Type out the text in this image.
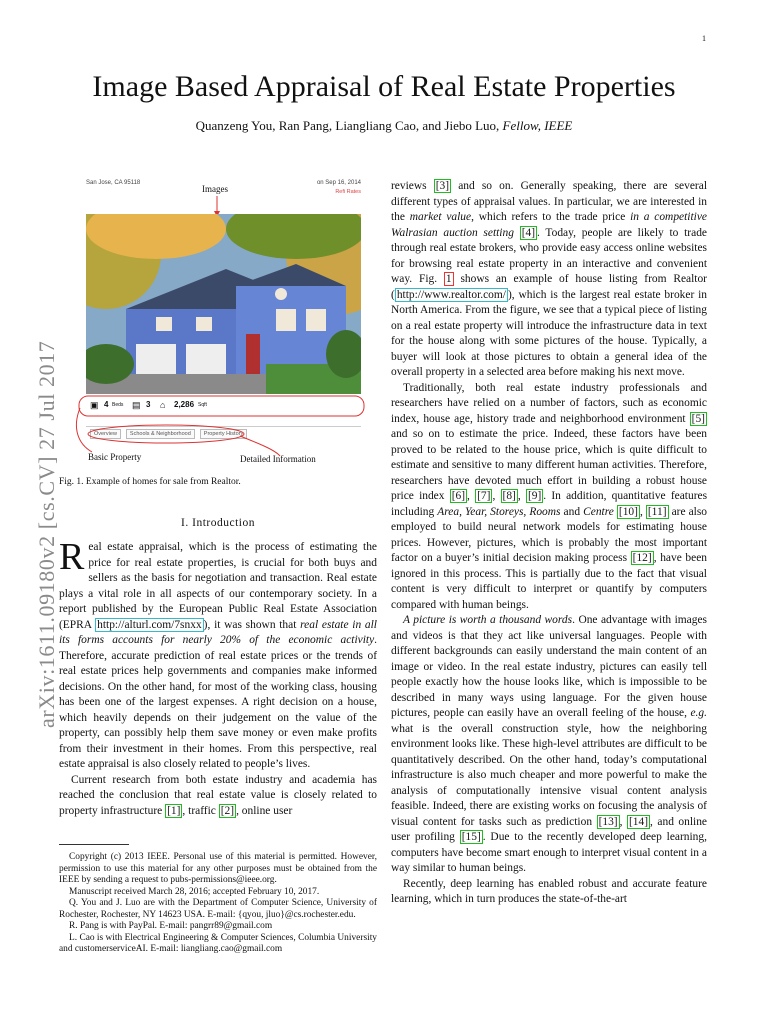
1
arXiv:1611.09180v2 [cs.CV] 27 Jul 2017
Image Based Appraisal of Real Estate Properties
Quanzeng You, Ran Pang, Liangliang Cao, and Jiebo Luo, Fellow, IEEE
San Jose, CA 95118	on Sep 16, 2014
Refi Rates
Images
▣ 4 Beds ▤ 3 ⌂ 2,286 Sqft
Overview Schools & Neighborhood Property History
Basic Property	Detailed Information
Fig. 1. Example of homes for sale from Realtor.
I. Introduction

Real estate appraisal, which is the process of estimating the price for real estate properties, is crucial for both buys and sellers as the basis for negotiation and transaction. Real estate plays a vital role in all aspects of our contemporary society. In a report published by the European Public Real Estate Association (EPRA http://alturl.com/7snxx ), it was shown that real estate in all its forms accounts for nearly 20% of the economic activity. Therefore, accurate prediction of real estate prices or the trends of real estate prices help governments and companies make informed decisions. On the other hand, for most of the working class, housing has been one of the largest expenses. A right decision on a house, which heavily depends on their judgement on the value of the property, can possibly help them save money or even make profits from their investment in their homes. From this perspective, real estate appraisal is also closely related to people’s lives.

Current research from both estate industry and academia has reached the conclusion that real estate value is closely related to property infrastructure [1] , traffic [2] , online user

Copyright (c) 2013 IEEE. Personal use of this material is permitted. However, permission to use this material for any other purposes must be obtained from the IEEE by sending a request to pubs-permissions@ieee.org.

Manuscript received March 28, 2016; accepted February 10, 2017.

Q. You and J. Luo are with the Department of Computer Science, University of Rochester, Rochester, NY 14623 USA. E-mail: {qyou, jluo}@cs.rochester.edu.

R. Pang is with PayPal. E-mail: pangrr89@gmail.com

L. Cao is with Electrical Engineering & Computer Sciences, Columbia University and customerserviceAI. E-mail: liangliang.cao@gmail.com

reviews [3] and so on. Generally speaking, there are several different types of appraisal values. In particular, we are interested in the market value, which refers to the trade price in a competitive Walrasian auction setting [4] . Today, people are likely to trade through real estate brokers, who provide easy access online websites for browsing real estate property in an interactive and convenient way. Fig. 1 shows an example of house listing from Realtor ( http://www.realtor.com/ ), which is the largest real estate broker in North America. From the figure, we see that a typical piece of listing on a real estate property will introduce the infrastructure data in text for the house along with some pictures of the house. Typically, a buyer will look at those pictures to obtain a general idea of the overall property in a selected area before making his next move.

Traditionally, both real estate industry professionals and researchers have relied on a number of factors, such as economic index, house age, history trade and neighborhood environment [5] and so on to estimate the price. Indeed, these factors have been proved to be related to the house price, which is quite difficult to estimate and sensitive to many different human activities. Therefore, researchers have devoted much effort in building a robust house price index [6] , [7] , [8] , [9] . In addition, quantitative features including Area, Year, Storeys, Rooms and Centre [10] , [11] are also employed to build neural network models for estimating house prices. However, pictures, which is probably the most important factor on a buyer’s initial decision making process [12] , have been ignored in this process. This is partially due to the fact that visual content is very difficult to interpret or quantify by computers compared with human beings.

A picture is worth a thousand words. One advantage with images and videos is that they act like universal languages. People with different backgrounds can easily understand the main content of an image or video. In the real estate industry, pictures can easily tell people exactly how the house looks like, which is impossible to be described in many ways using language. For the given house pictures, people can easily have an overall feeling of the house, e.g. what is the overall construction style, how the neighboring environment looks like. These high-level attributes are difficult to be quantitatively described. On the other hand, today’s computational infrastructure is also much cheaper and more powerful to make the analysis of computationally intensive visual content analysis feasible. Indeed, there are existing works on focusing the analysis of visual content for tasks such as prediction [13] , [14] , and online user profiling [15] . Due to the recently developed deep learning, computers have become smart enough to interpret visual content in a way similar to human beings.

Recently, deep learning has enabled robust and accurate feature learning, which in turn produces the state-of-the-art
